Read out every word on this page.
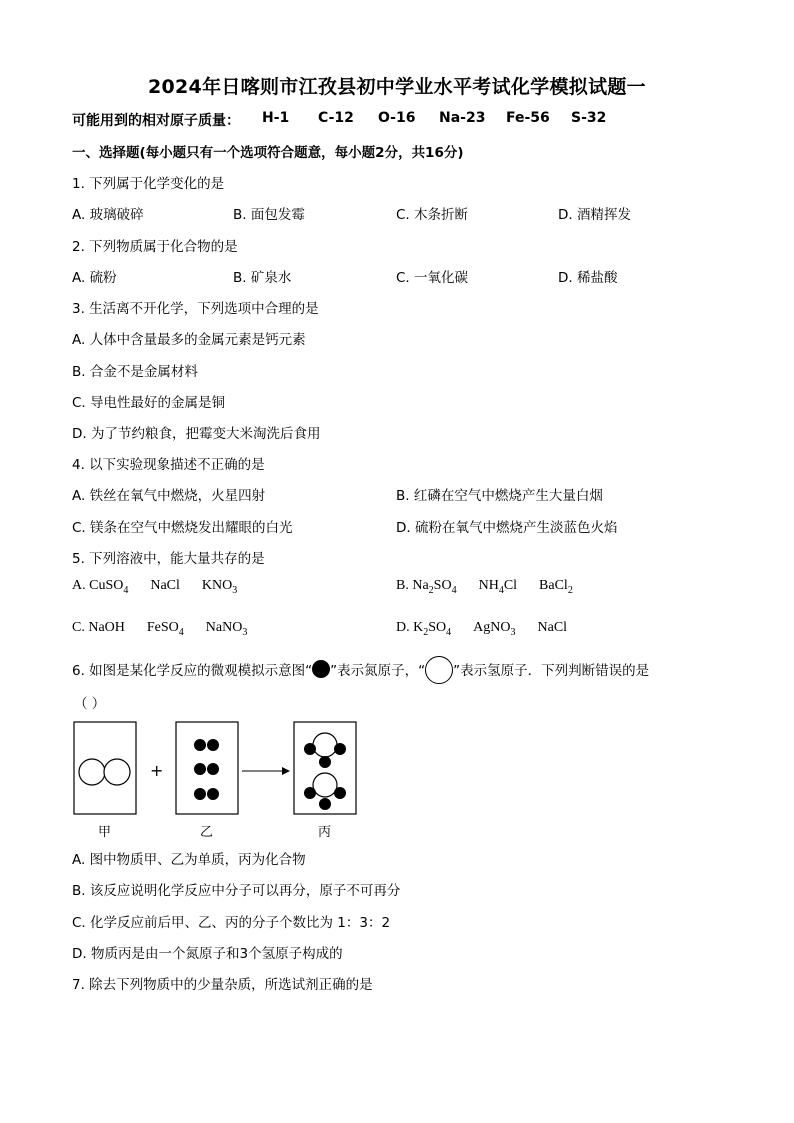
2024年日喀则市江孜县初中学业水平考试化学模拟试题一
可能用到的相对原子质量： H-1 C-12 O-16 Na-23 Fe-56 S-32
一、选择题(每小题只有一个选项符合题意，每小题2分，共16分)
1. 下列属于化学变化的是
A. 玻璃破碎	B. 面包发霉	C. 木条折断	D. 酒精挥发
2. 下列物质属于化合物的是
A. 硫粉	B. 矿泉水	C. 一氧化碳	D. 稀盐酸
3. 生活离不开化学，下列选项中合理的是
A. 人体中含量最多的金属元素是钙元素
B. 合金不是金属材料
C. 导电性最好的金属是铜
D. 为了节约粮食，把霉变大米淘洗后食用
4. 以下实验现象描述不正确的是
A. 铁丝在氧气中燃烧，火星四射	B. 红磷在空气中燃烧产生大量白烟
C. 镁条在空气中燃烧发出耀眼的白光	D. 硫粉在氧气中燃烧产生淡蓝色火焰
5. 下列溶液中，能大量共存的是
A. CuSO$_4$ NaCl $KNO_3$	B. $Na_2SO_4$ $NH_4Cl$ BaCl$_2$
C. NaOH FeSO$_4$ NaNO$_3$	D. $K_2SO_4$ AgNO$_3$ NaCl
6. 如图是某化学反应的微观模拟示意图“ ”表示氮原子，“ ”表示氢原子．下列判断错误的是
（ ）
+
甲	乙	丙
A. 图中物质甲、乙为单质，丙为化合物
B. 该反应说明化学反应中分子可以再分，原子不可再分
C. 化学反应前后甲、乙、丙的分子个数比为 1：3：2
D. 物质丙是由一个氮原子和3个氢原子构成的
7. 除去下列物质中的少量杂质，所选试剂正确的是
